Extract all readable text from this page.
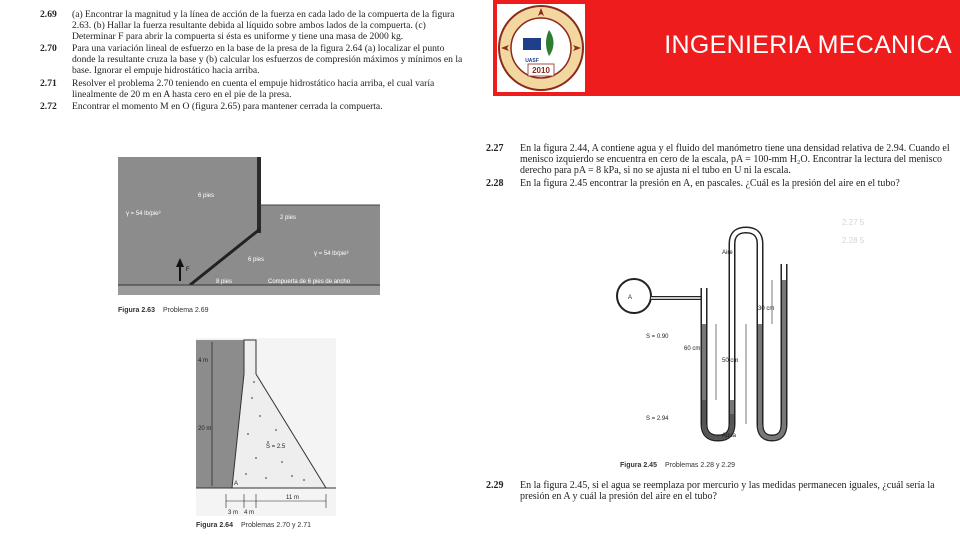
2.69	(a) Encontrar la magnitud y la línea de acción de la fuerza en cada lado de la compuerta de la figura 2.63. (b) Hallar la fuerza resultante debida al líquido sobre ambos lados de la compuerta. (c) Determinar F para abrir la compuerta si ésta es uniforme y tiene una masa de 2000 kg.
2.70	Para una variación lineal de esfuerzo en la base de la presa de la figura 2.64 (a) localizar el punto donde la resultante cruza la base y (b) calcular los esfuerzos de compresión máximos y mínimos en la base. Ignorar el empuje hidrostático hacia arriba.
2.71	Resolver el problema 2.70 teniendo en cuenta el empuje hidrostático hacia arriba, el cual varía linealmente de 20 m en A hasta cero en el pie de la presa.
2.72	Encontrar el momento M en O (figura 2.65) para mantener cerrada la compuerta.
6 pies
γ = 54 lb/pie³
2 pies
γ = 54 lb/pie³
6 pies
8 pies	Compuerta de 6 pies de ancho
F
Figura 2.63 Problema 2.69
4 m
20 m
S = 2.5
3 m 4 m
11 m
A
Figura 2.64 Problemas 2.70 y 2.71
2010
UASF
INGENIERIA MECANICA
2.27	En la figura 2.44, A contiene agua y el fluido del manómetro tiene una densidad relativa de 2.94. Cuando el menisco izquierdo se encuentra en cero de la escala, pA = 100-mm H₂O. Encontrar la lectura del menisco derecho para pA = 8 kPa, si no se ajusta ni el tubo en U ni la escala.
2.28	En la figura 2.45 encontrar la presión en A, en pascales. ¿Cuál es la presión del aire en el tubo?
2.27 5
2.28 5
A
Aire
S = 0.90
S = 2.94
60 cm
50 cm
30 cm
Agua
Figura 2.45 Problemas 2.28 y 2.29
2.29	En la figura 2.45, si el agua se reemplaza por mercurio y las medidas permanecen iguales, ¿cuál sería la presión en A y cuál la presión del aire en el tubo?
